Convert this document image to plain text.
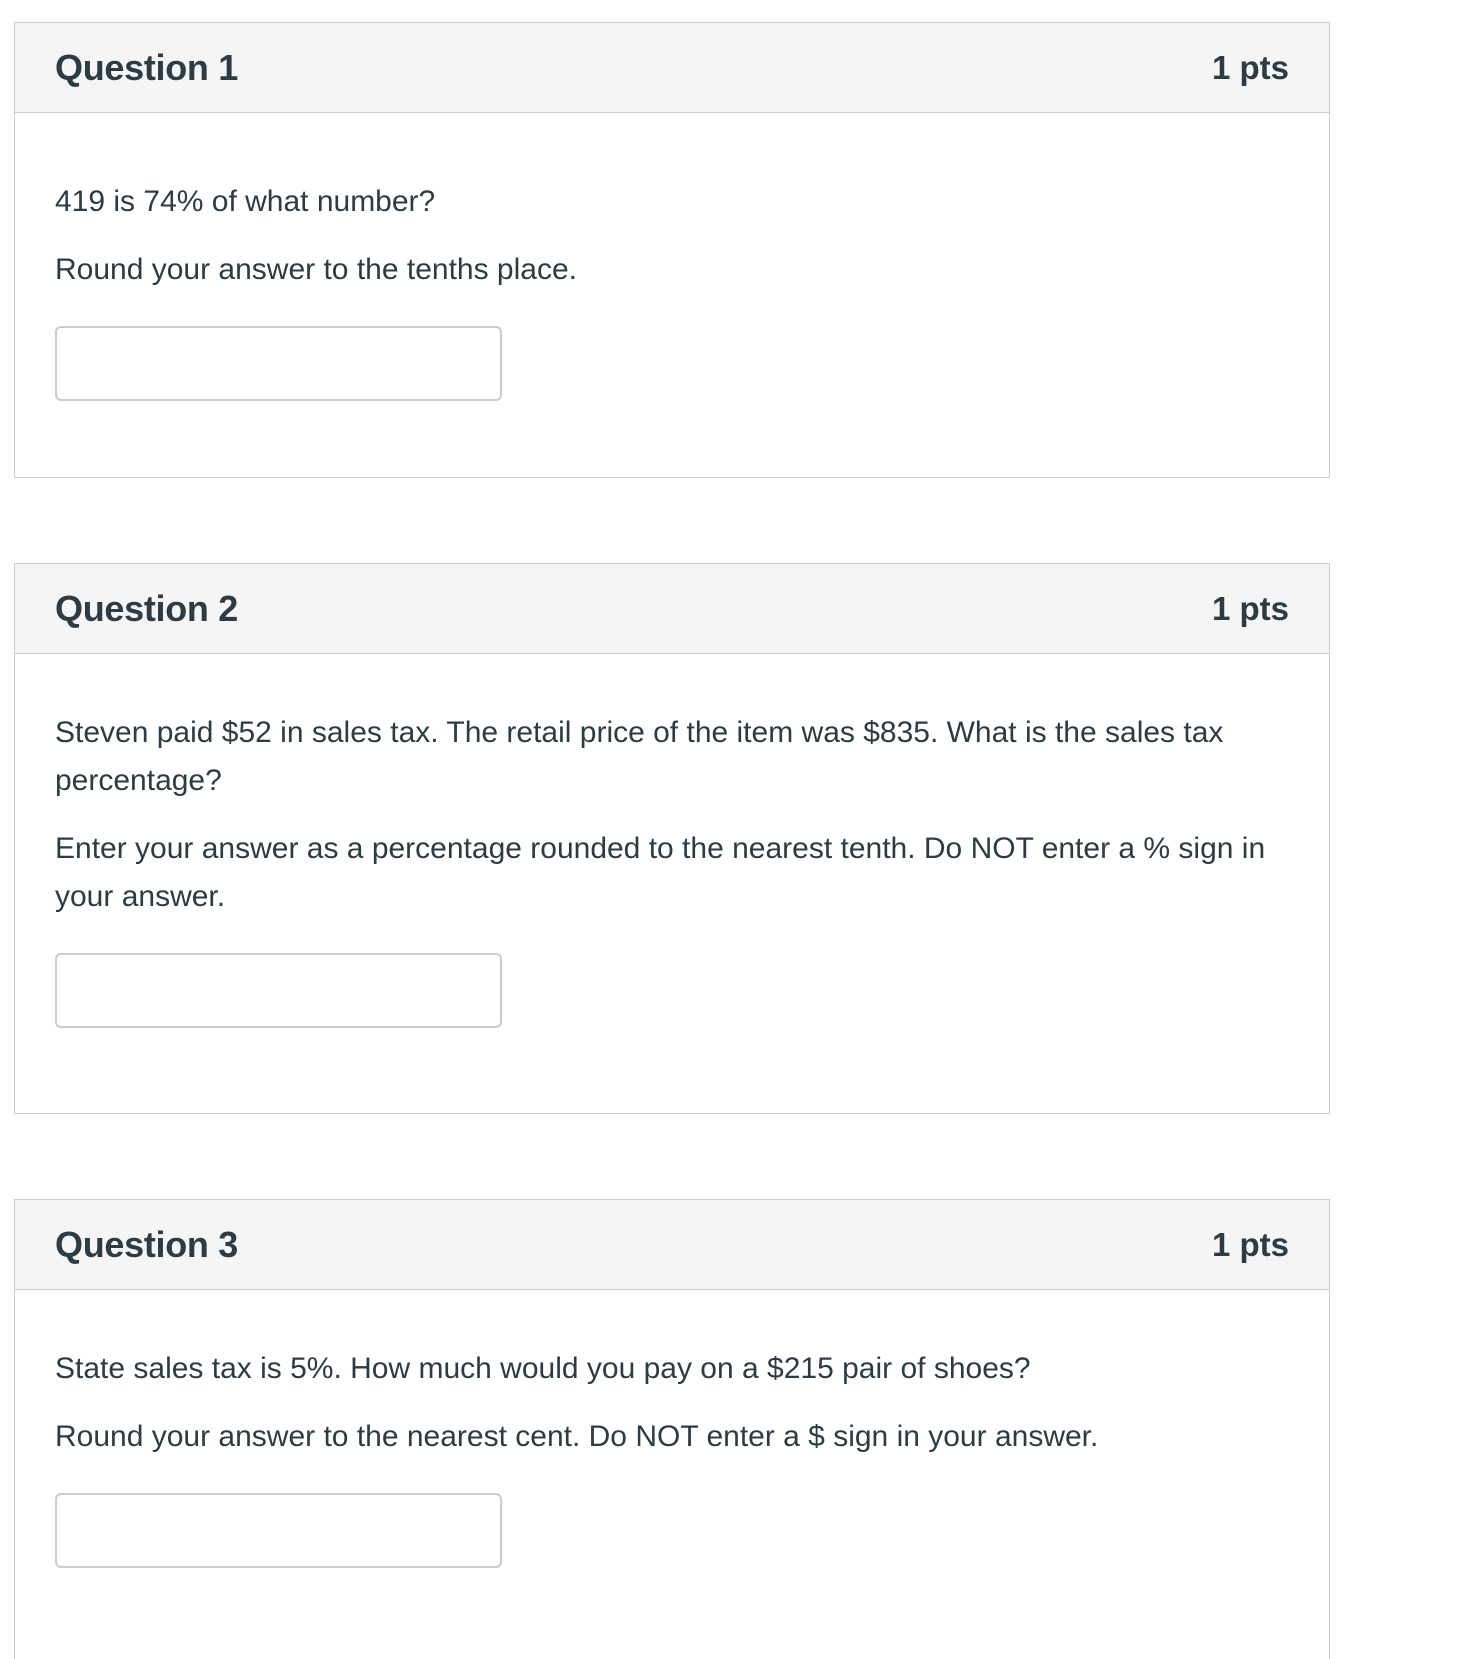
Question 1	1 pts

419 is 74% of what number?

Round your answer to the tenths place.

Question 2	1 pts

Steven paid $52 in sales tax. The retail price of the item was $835. What is the sales tax percentage?

Enter your answer as a percentage rounded to the nearest tenth. Do NOT enter a % sign in your answer.

Question 3	1 pts

State sales tax is 5%. How much would you pay on a $215 pair of shoes?

Round your answer to the nearest cent. Do NOT enter a $ sign in your answer.
